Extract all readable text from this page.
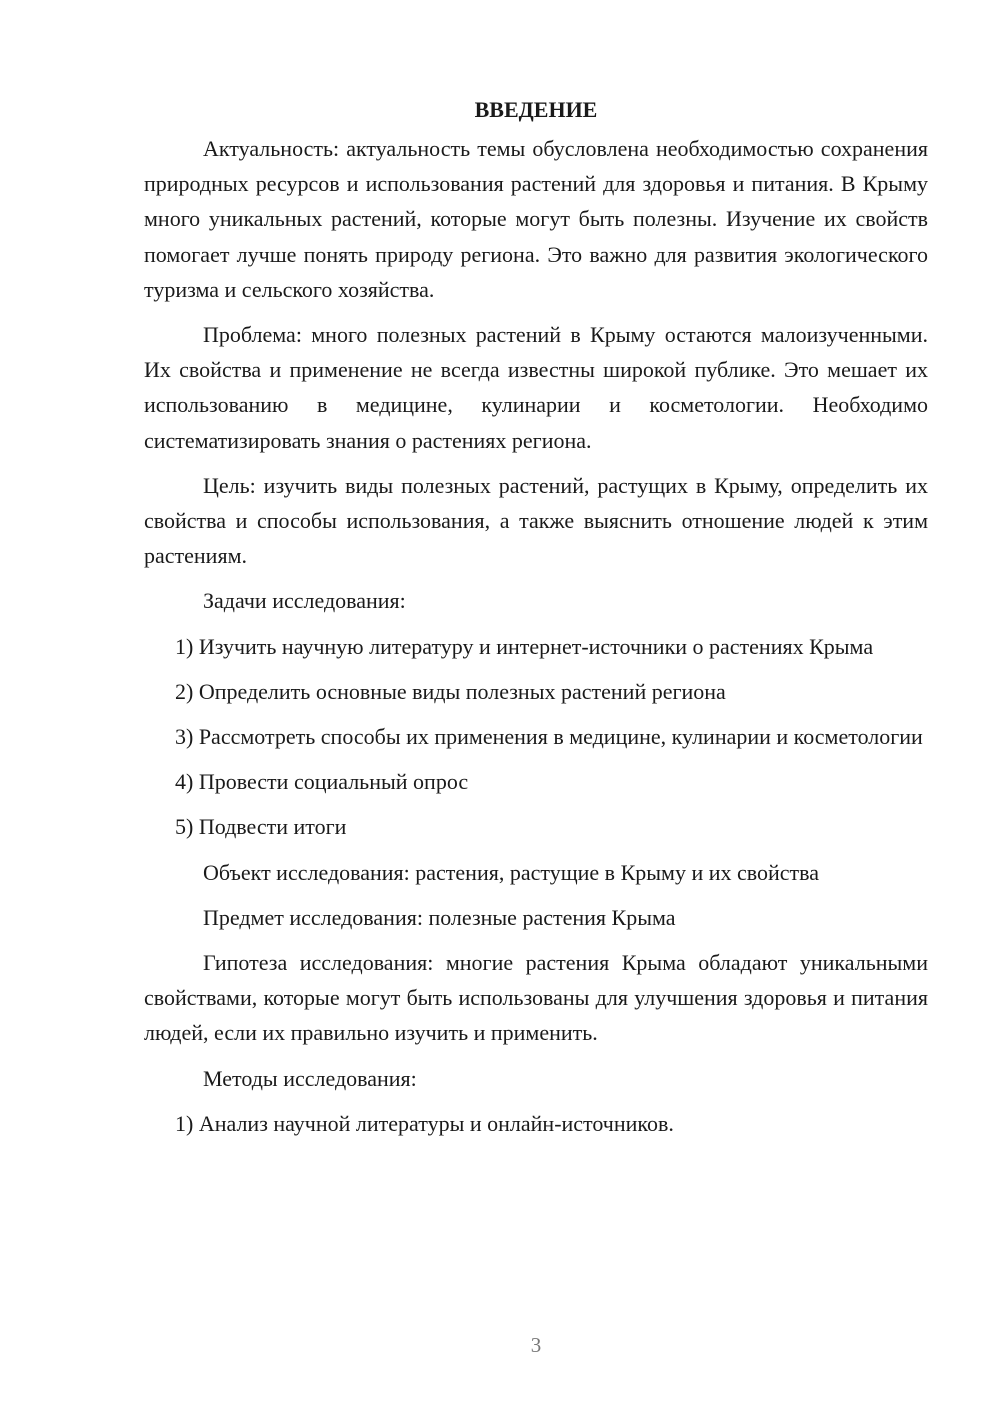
ВВЕДЕНИЕ

Актуальность: актуальность темы обусловлена необходимостью сохранения природных ресурсов и использования растений для здоровья и питания. В Крыму много уникальных растений, которые могут быть полезны. Изучение их свойств помогает лучше понять природу региона. Это важно для развития экологического туризма и сельского хозяйства.

Проблема: много полезных растений в Крыму остаются малоизученными. Их свойства и применение не всегда известны широкой публике. Это мешает их использованию в медицине, кулинарии и косметологии. Необходимо систематизировать знания о растениях региона.

Цель: изучить виды полезных растений, растущих в Крыму, определить их свойства и способы использования, а также выяснить отношение людей к этим растениям.

Задачи исследования:

1) Изучить научную литературу и интернет-источники о растениях Крыма

2) Определить основные виды полезных растений региона

3) Рассмотреть способы их применения в медицине, кулинарии и косметологии

4) Провести социальный опрос

5) Подвести итоги

Объект исследования: растения, растущие в Крыму и их свойства

Предмет исследования: полезные растения Крыма

Гипотеза исследования: многие растения Крыма обладают уникальными свойствами, которые могут быть использованы для улучшения здоровья и питания людей, если их правильно изучить и применить.

Методы исследования:

1) Анализ научной литературы и онлайн-источников.

3
